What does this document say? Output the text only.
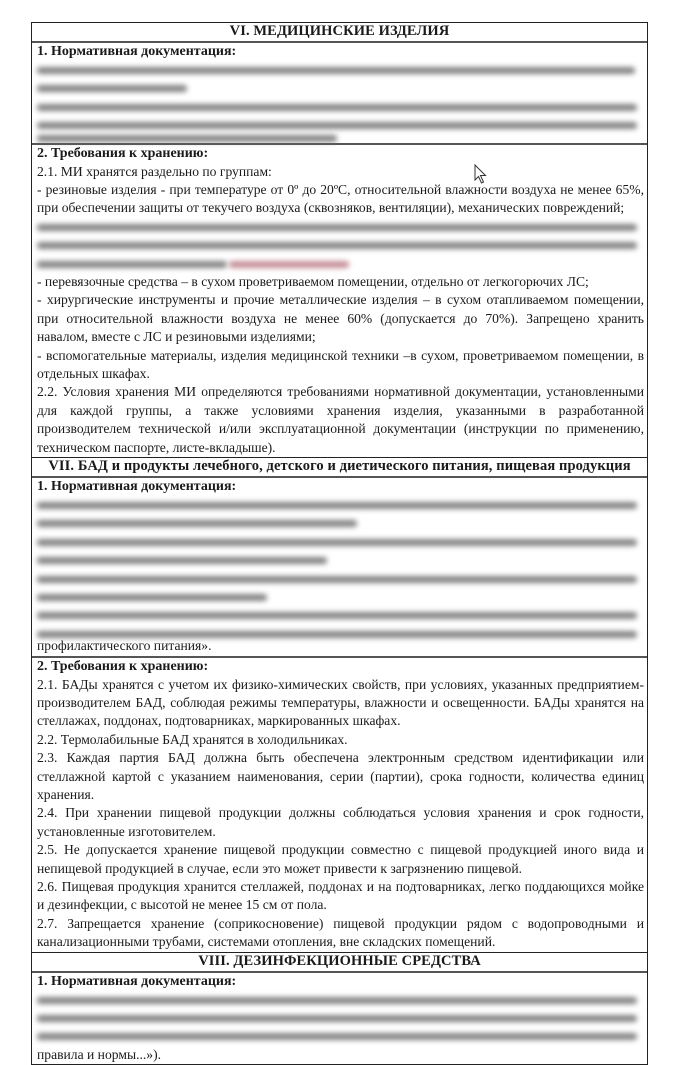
VI. МЕДИЦИНСКИЕ ИЗДЕЛИЯ
1. Нормативная документация:
2. Требования к хранению:

2.1. МИ хранятся раздельно по группам:

- резиновые изделия - при температуре от 0º до 20ºС, относительной влажности воздуха не менее 65%, при обеспечении защиты от текучего воздуха (сквозняков, вентиляции), механических повреждений;

- перевязочные средства – в сухом проветриваемом помещении, отдельно от легкогорючих ЛС;

- хирургические инструменты и прочие металлические изделия – в сухом отапливаемом помещении, при относительной влажности воздуха не менее 60% (допускается до 70%). Запрещено хранить навалом, вместе с ЛС и резиновыми изделиями;

- вспомогательные материалы, изделия медицинской техники –в сухом, проветриваемом помещении, в отдельных шкафах.

2.2. Условия хранения МИ определяются требованиями нормативной документации, установленными для каждой группы, а также условиями хранения изделия, указанными в разработанной производителем технической и/или эксплуатационной документации (инструкции по применению, техническом паспорте, листе-вкладыше).

VII. БАД и продукты лечебного, детского и диетического питания, пищевая продукция
1. Нормативная документация:

профилактического питания».

2. Требования к хранению:

2.1. БАДы хранятся с учетом их физико-химических свойств, при условиях, указанных предприятием-производителем БАД, соблюдая режимы температуры, влажности и освещенности. БАДы хранятся на стеллажах, поддонах, подтоварниках, маркированных шкафах.

2.2. Термолабильные БАД хранятся в холодильниках.

2.3. Каждая партия БАД должна быть обеспечена электронным средством идентификации или стеллажной картой с указанием наименования, серии (партии), срока годности, количества единиц хранения.

2.4. При хранении пищевой продукции должны соблюдаться условия хранения и срок годности, установленные изготовителем.

2.5. Не допускается хранение пищевой продукции совместно с пищевой продукцией иного вида и непищевой продукцией в случае, если это может привести к загрязнению пищевой.

2.6. Пищевая продукция хранится стеллажей, поддонах и на подтоварниках, легко поддающихся мойке и дезинфекции, с высотой не менее 15 см от пола.

2.7. Запрещается хранение (соприкосновение) пищевой продукции рядом с водопроводными и канализационными трубами, системами отопления, вне складских помещений.

VIII. ДЕЗИНФЕКЦИОННЫЕ СРЕДСТВА
1. Нормативная документация:

правила и нормы...»).
